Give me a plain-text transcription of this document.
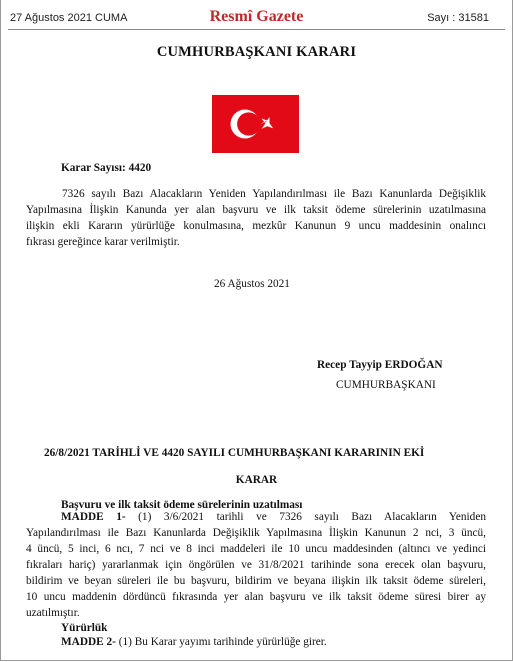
27 Ağustos 2021 CUMA	Resmî Gazete	Sayı : 31581
CUMHURBAŞKANI KARARI
Karar Sayısı: 4420
7326 sayılı Bazı Alacakların Yeniden Yapılandırılması ile Bazı Kanunlarda Değişiklik
Yapılmasına İlişkin Kanunda yer alan başvuru ve ilk taksit ödeme sürelerinin uzatılmasına
ilişkin ekli Kararın yürürlüğe konulmasına, mezkûr Kanunun 9 uncu maddesinin onalıncı
fıkrası gereğince karar verilmiştir.
26 Ağustos 2021
Recep Tayyip ERDOĞAN
CUMHURBAŞKANI
26/8/2021 TARİHLİ VE 4420 SAYILI CUMHURBAŞKANI KARARININ EKİ
KARAR
Başvuru ve ilk taksit ödeme sürelerinin uzatılması
MADDE 1- (1) 3/6/2021 tarihli ve 7326 sayılı Bazı Alacakların Yeniden
Yapılandırılması ile Bazı Kanunlarda Değişiklik Yapılmasına İlişkin Kanunun 2 nci, 3 üncü,
4 üncü, 5 inci, 6 ncı, 7 nci ve 8 inci maddeleri ile 10 uncu maddesinden (altıncı ve yedinci
fıkraları hariç) yararlanmak için öngörülen ve 31/8/2021 tarihinde sona erecek olan başvuru,
bildirim ve beyan süreleri ile bu başvuru, bildirim ve beyana ilişkin ilk taksit ödeme süreleri,
10 uncu maddenin dördüncü fıkrasında yer alan başvuru ve ilk taksit ödeme süresi birer ay
uzatılmıştır.
Yürürlük
MADDE 2- (1) Bu Karar yayımı tarihinde yürürlüğe girer.
